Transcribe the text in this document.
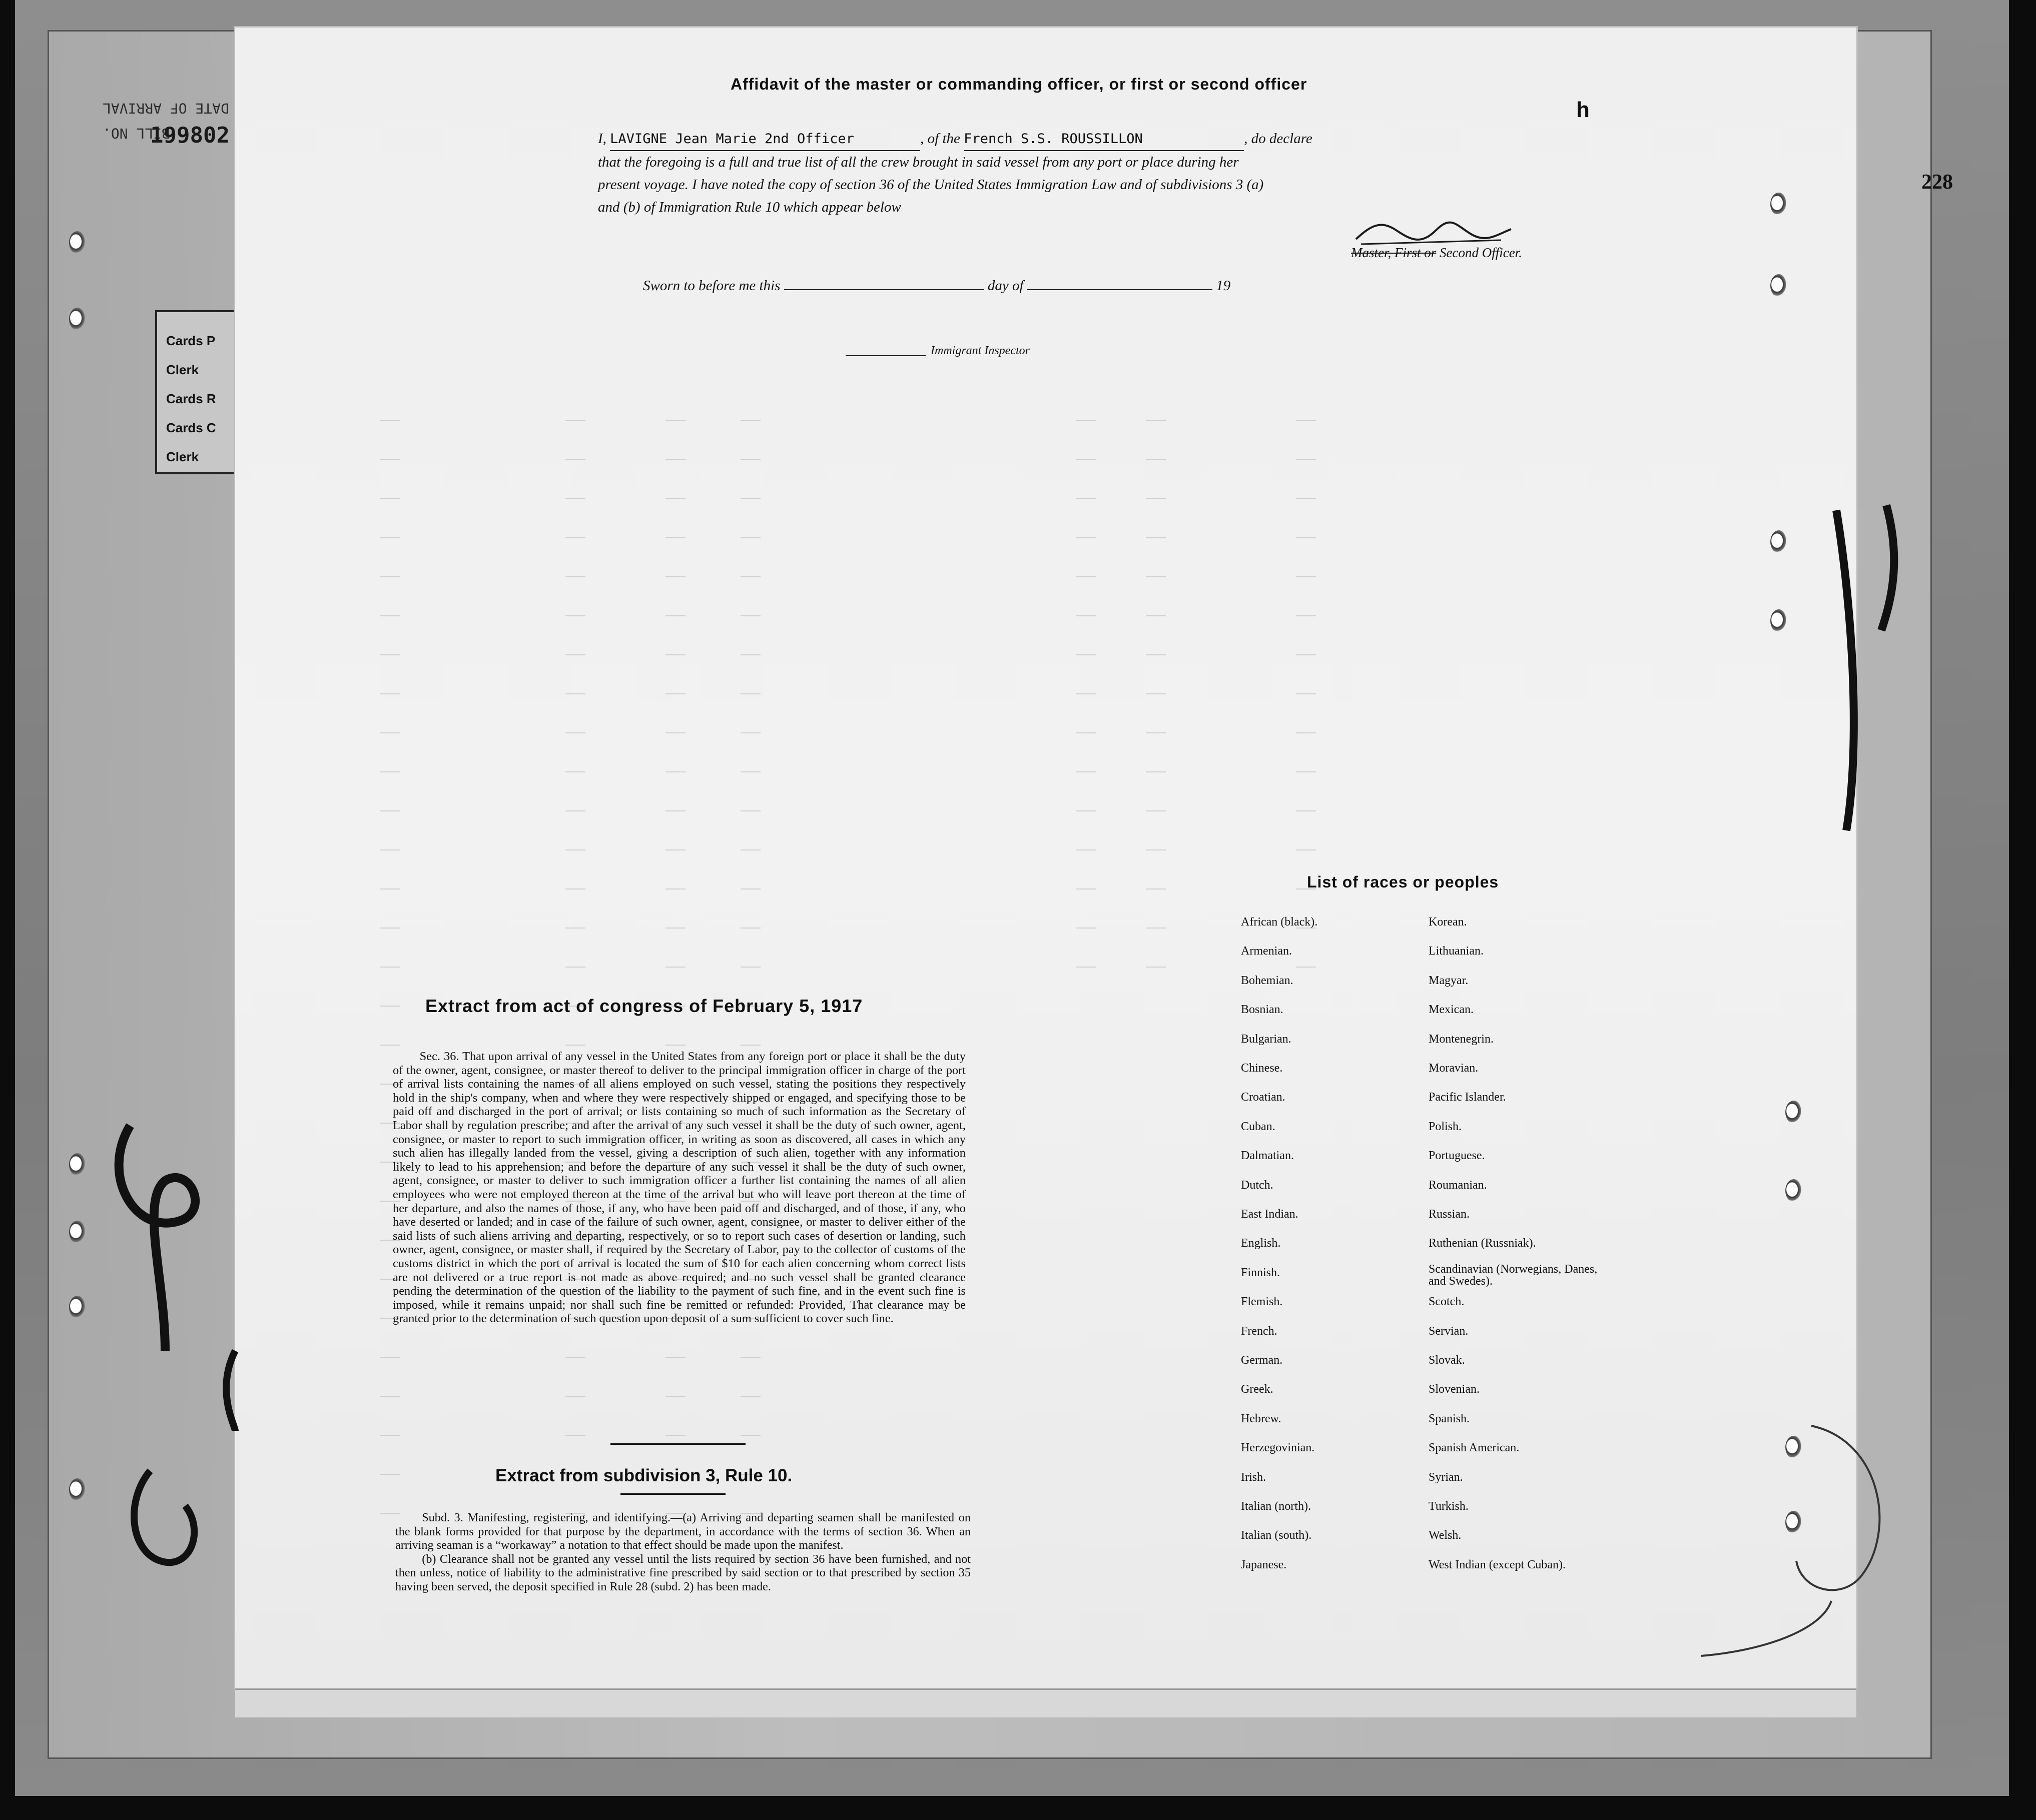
DATE OF ARRIVAL
BILL NO.
199802
Cards P
Clerk
Cards R
Cards C
Clerk
Affidavit of the master or commanding officer, or first or second officer
h
228
I, LAVIGNE Jean Marie 2nd Officer	, of the French S.S. ROUSSILLON	, do declare
that the foregoing is a full and true list of all the crew brought in said vessel from any port or place during her
present voyage. I have noted the copy of section 36 of the United States Immigration Law and of subdivisions 3 (a)
and (b) of Immigration Rule 10 which appear below
Master, First or Second Officer.
Sworn to before me this	day of	19
Immigrant Inspector
Extract from act of congress of February 5, 1917
Sec. 36. That upon arrival of any vessel in the United States from any foreign port or place it shall be the duty of the owner, agent, consignee, or master thereof to deliver to the principal immigration officer in charge of the port of arrival lists containing the names of all aliens employed on such vessel, stating the positions they respectively hold in the ship's company, when and where they were respectively shipped or engaged, and specifying those to be paid off and discharged in the port of arrival; or lists containing so much of such information as the Secretary of Labor shall by regulation prescribe; and after the arrival of any such vessel it shall be the duty of such owner, agent, consignee, or master to report to such immigration officer, in writing as soon as discovered, all cases in which any such alien has illegally landed from the vessel, giving a description of such alien, together with any information likely to lead to his apprehension; and before the departure of any such vessel it shall be the duty of such owner, agent, consignee, or master to deliver to such immigration officer a further list containing the names of all alien employees who were not employed thereon at the time of the arrival but who will leave port thereon at the time of her departure, and also the names of those, if any, who have been paid off and discharged, and of those, if any, who have deserted or landed; and in case of the failure of such owner, agent, consignee, or master to deliver either of the said lists of such aliens arriving and departing, respectively, or so to report such cases of desertion or landing, such owner, agent, consignee, or master shall, if required by the Secretary of Labor, pay to the collector of customs of the customs district in which the port of arrival is located the sum of $10 for each alien concerning whom correct lists are not delivered or a true report is not made as above required; and no such vessel shall be granted clearance pending the determination of the question of the liability to the payment of such fine, and in the event such fine is imposed, while it remains unpaid; nor shall such fine be remitted or refunded: Provided, That clearance may be granted prior to the determination of such question upon deposit of a sum sufficient to cover such fine.
Extract from subdivision 3, Rule 10.
Subd. 3. Manifesting, registering, and identifying.—(a) Arriving and departing seamen shall be manifested on the blank forms provided for that purpose by the department, in accordance with the terms of section 36. When an arriving seaman is a “workaway” a notation to that effect should be made upon the manifest.
(b) Clearance shall not be granted any vessel until the lists required by section 36 have been furnished, and not then unless, notice of liability to the administrative fine prescribed by said section or to that prescribed by section 35 having been served, the deposit specified in Rule 28 (subd. 2) has been made.
List of races or peoples
African (black).
Armenian.
Bohemian.
Bosnian.
Bulgarian.
Chinese.
Croatian.
Cuban.
Dalmatian.
Dutch.
East Indian.
English.
Finnish.
Flemish.
French.
German.
Greek.
Hebrew.
Herzegovinian.
Irish.
Italian (north).
Italian (south).
Japanese.
Korean.
Lithuanian.
Magyar.
Mexican.
Montenegrin.
Moravian.
Pacific Islander.
Polish.
Portuguese.
Roumanian.
Russian.
Ruthenian (Russniak).
Scandinavian (Norwegians, Danes, and Swedes).
Scotch.
Servian.
Slovak.
Slovenian.
Spanish.
Spanish American.
Syrian.
Turkish.
Welsh.
West Indian (except Cuban).
